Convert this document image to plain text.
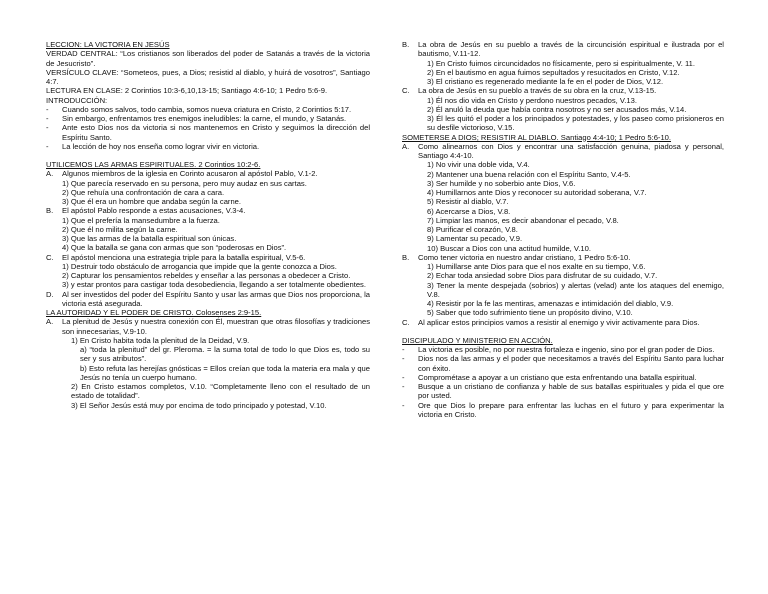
LECCION: LA VICTORIA EN JESÚS

VERDAD CENTRAL: “Los cristianos son liberados del poder de Satanás a través de la victoria de Jesucristo”.

VERSÍCULO CLAVE: “Someteos, pues, a Dios; resistid al diablo, y huirá de vosotros”, Santiago 4:7.

LECTURA EN CLASE: 2 Corintios 10:3-6,10,13-15; Santiago 4:6-10; 1 Pedro 5:6-9.

INTRODUCCIÓN:

-	Cuando somos salvos, todo cambia, somos nueva criatura en Cristo, 2 Corintios 5:17.
-	Sin embargo, enfrentamos tres enemigos ineludibles: la carne, el mundo, y Satanás.
-	Ante esto Dios nos da victoria si nos mantenemos en Cristo y seguimos la dirección del Espíritu Santo.
-	La lección de hoy nos enseña como lograr vivir en victoria.

UTILICEMOS LAS ARMAS ESPIRITUALES. 2 Corintios 10:2-6.

A.	Algunos miembros de la iglesia en Corinto acusaron al apóstol Pablo, V.1-2.

1) Que parecía reservado en su persona, pero muy audaz en sus cartas.

2) Que rehuía una confrontación de cara a cara.

3) Que él era un hombre que andaba según la carne.

B.	El apóstol Pablo responde a estas acusaciones, V.3-4.

1) Que el prefería la mansedumbre a la fuerza.

2) Que él no milita según la carne.

3) Que las armas de la batalla espiritual son únicas.

4) Que la batalla se gana con armas que son “poderosas en Dios”.

C.	El apóstol menciona una estrategia triple para la batalla espiritual, V.5-6.

1) Destruir todo obstáculo de arrogancia que impide que la gente conozca a Dios.

2) Capturar los pensamientos rebeldes y enseñar a las personas a obedecer a Cristo.

3) y estar prontos para castigar toda desobediencia, llegando a ser totalmente obedientes.

D.	Al ser investidos del poder del Espíritu Santo y usar las armas que Dios nos proporciona, la victoria está asegurada.

LA AUTORIDAD Y EL PODER DE CRISTO. Colosenses 2:9-15.

A.	La plenitud de Jesús y nuestra conexión con Él, muestran que otras filosofías y tradiciones son innecesarias, V.9-10.

1) En Cristo habita toda la plenitud de la Deidad, V.9.

a) “toda la plenitud” del gr. Pleroma. = la suma total de todo lo que Dios es, todo su ser y sus atributos”.

b) Esto refuta las herejías gnósticas = Ellos creían que toda la materia era mala y que Jesús no tenía un cuerpo humano.

2) En Cristo estamos completos, V.10. “Completamente lleno con el resultado de un estado de totalidad”.

3) El Señor Jesús está muy por encima de todo principado y potestad, V.10.

B.	La obra de Jesús en su pueblo a través de la circuncisión espiritual e ilustrada por el bautismo, V.11-12.

1) En Cristo fuimos circuncidados no físicamente, pero si espiritualmente, V. 11.

2) En el bautismo en agua fuimos sepultados y resucitados en Cristo, V.12.

3) El cristiano es regenerado mediante la fe en el poder de Dios, V.12.

C.	La obra de Jesús en su pueblo a través de su obra en la cruz, V.13-15.

1) Él nos dio vida en Cristo y perdono nuestros pecados, V.13.

2) Él anuló la deuda que había contra nosotros y no ser acusados más, V.14.

3) Él les quitó el poder a los principados y potestades, y los paseo como prisioneros en su desfile victorioso, V.15.

SOMETERSE A DIOS; RESISTIR AL DIABLO. Santiago 4:4-10; 1 Pedro 5:6-10.

A.	Como alinearnos con Dios y encontrar una satisfacción genuina, piadosa y personal, Santiago 4:4-10.

1) No vivir una doble vida, V.4.

2) Mantener una buena relación con el Espíritu Santo, V.4-5.

3) Ser humilde y no soberbio ante Dios, V.6.

4) Humillarnos ante Dios y reconocer su autoridad soberana, V.7.

5) Resistir al diablo, V.7.

6) Acercarse a Dios, V.8.

7) Limpiar las manos, es decir abandonar el pecado, V.8.

8) Purificar el corazón, V.8.

9) Lamentar su pecado, V.9.

10) Buscar a Dios con una actitud humilde, V.10.

B.	Como tener victoria en nuestro andar cristiano, 1 Pedro 5:6-10.

1) Humillarse ante Dios para que el nos exalte en su tiempo, V.6.

2) Echar toda ansiedad sobre Dios para disfrutar de su cuidado, V.7.

3) Tener la mente despejada (sobrios) y alertas (velad) ante los ataques del enemigo, V.8.

4) Resistir por la fe las mentiras, amenazas e intimidación del diablo, V.9.

5) Saber que todo sufrimiento tiene un propósito divino, V.10.

C.	Al aplicar estos principios vamos a resistir al enemigo y vivir activamente para Dios.

DISCIPULADO Y MINISTERIO EN ACCIÓN.

-	La victoria es posible, no por nuestra fortaleza e ingenio, sino por el gran poder de Dios.
-	Dios nos da las armas y el poder que necesitamos a través del Espíritu Santo para luchar con éxito.
-	Comprométase a apoyar a un cristiano que esta enfrentando una batalla espiritual.
-	Busque a un cristiano de confianza y hable de sus batallas espirituales y pida el que ore por usted.
-	Ore que Dios lo prepare para enfrentar las luchas en el futuro y para experimentar la victoria en Cristo.
